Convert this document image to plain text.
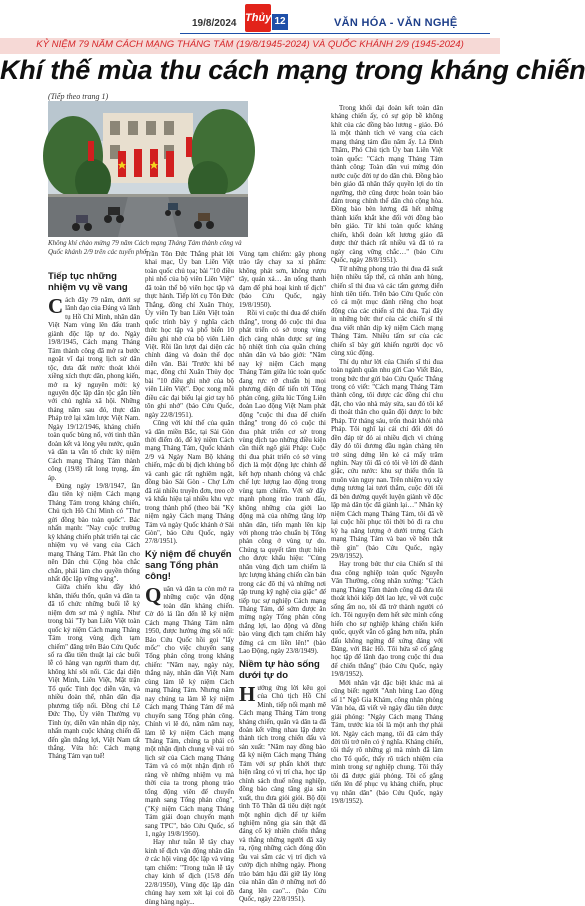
19/8/2024 Thủy 12	VĂN HÓA - VĂN NGHỆ
KỶ NIỆM 79 NĂM CÁCH MẠNG THÁNG TÁM (19/8/1945-2024) VÀ QUỐC KHÁNH 2/9 (1945-2024)
Khí thế mùa thu cách mạng trong kháng chiến
(Tiếp theo trang 1)
Không khí chào mừng 79 năm Cách mạng Tháng Tám thành công và Quốc khánh 2/9 trên các tuyến phố
Tiếp tục những nhiệm vụ về vang

Cách đây 79 năm, dưới sự lãnh đạo của Đảng và lãnh tụ Hồ Chí Minh, nhân dân Việt Nam vùng lên đấu tranh giành độc lập tự do. Ngày 19/8/1945, Cách mạng Tháng Tám thành công đã mở ra bước ngoặt vĩ đại trong lịch sử dân tộc, đưa đất nước thoát khỏi xiềng xích thực dân, phong kiến, mở ra kỷ nguyên mới: kỷ nguyên độc lập dân tộc gắn liền với chủ nghĩa xã hội. Những tháng năm sau đó, thực dân Pháp trở lại xâm lược Việt Nam. Ngày 19/12/1946, kháng chiến toàn quốc bùng nổ, với tinh thần đoàn kết và lòng yêu nước, quân và dân ta vẫn tổ chức kỷ niệm Cách mạng Tháng Tám thành công (19/8) rất long trọng, ấm áp.

Đúng ngày 19/8/1947, lần đầu tiên kỷ niệm Cách mạng Tháng Tám trong kháng chiến, Chủ tịch Hồ Chí Minh có "Thư gửi đồng bào toàn quốc". Bác nhấn mạnh: "Nay cuộc trường kỳ kháng chiến phát triển tại các nhiệm vụ vẻ vang của Cách mạng Tháng Tám. Phát lần cho nên Dân chủ Cộng hòa chắc chắn, phải làm cho quyền thống nhất độc lập vững vàng".

Giữa chiến khu đầy khó khăn, thiếu thốn, quân và dân ta đã tổ chức những buổi lễ kỷ niệm đơn sơ mà ý nghĩa. Như trong bài "Ty ban Liên Việt toàn quốc kỷ niệm Cách mạng Tháng Tám trong vùng địch tạm chiếm" đăng trên Báo Cứu Quốc số ra đầu tiên thuật lại các buổi lễ có hàng vạn người tham dự, không khí sôi nổi. Các đại diện Việt Minh, Liên Việt, Mặt trận Tổ quốc Tỉnh đọc diễn văn, và nhiều đoàn thể, nhân dân địa phương tiếp nối. Đồng chí Lê Đức Thọ, Ủy viên Thường vụ Tỉnh ủy, diễn văn nhân dịp này, nhấn mạnh cuộc kháng chiến đã đến gần thắng lợi, Việt Nam tất thắng. Vừa hô: Cách mạng Tháng Tám vạn tuế!

Trần Tôn Đức Thắng phát lời khai mạc, Ủy ban Liên Việt toàn quốc chủ tọa; bài "10 điều phi nhổ của bộ viên Liên Việt" đã toàn thể bộ viên học tập và thực hành. Tiếp lời cụ Tôn Đức Thắng, đồng chí Xuân Thủy, Ủy viên Ty ban Liên Việt toàn quốc trình bày ý nghĩa cách thức học tập và phổ biến 10 điều ghi nhớ của bộ viên Liên Việt. Rồi lần lượt đại diện các chính đảng và đoàn thể đọc diễn văn. Bài 'Trước khi bế mạc, đồng chí Xuân Thủy đọc bài "10 điều ghi nhớ của bộ viên Liên Việt". Đọc xong mỗi điều các đại biểu lại giơ tay hô tôn ghi nhớ" (báo Cứu Quốc, ngày 22/8/1951).

Cũng với khí thế của quân và dân miền Bắc, tại Sài Gòn thời điểm đó, để kỷ niệm Cách mạng Tháng Tám, Quốc khánh 2/9 và Ngày Nam Bộ kháng chiến, mặc dù bị địch khủng bố và canh gác rất nghiêm ngặt, đồng bào Sài Gòn - Chợ Lớn đã rải nhiều truyền đơn, treo cờ và khẩu hiệu tại nhiều khu vực trong thành phố (theo bài "Kỷ niệm ngày Cách mạng Tháng Tám và ngày Quốc khánh ở Sài Gòn", báo Cứu Quốc, ngày 27/8/1951).

Kỷ niệm để chuyển sang Tổng phản công!

Quân và dân ta còn mở ra những cuộc vận động toàn dân kháng chiến. Cờ đỏ lá lần đến lễ kỷ niệm Cách mạng Tháng Tám năm 1950, được hưởng ứng sôi nổi: Báo Cứu Quốc hồi gọi "lấy mốc" cho việc chuyển sang Tổng phản công trong kháng chiến: "Năm nay, ngày này, thắng này, nhân dân Việt Nam cùng làm lễ kỷ niệm Cách mạng Tháng Tám. Nhưng năm nay chúng ta làm lễ kỷ niệm Cách mạng Tháng Tám để mà chuyển sang Tổng phản công. Chính vì lẽ đó, năm năm nay, làm lễ kỷ niệm Cách mạng Tháng Tám, chúng ta phải có một nhận định chung về vai trò lịch sử của Cách mạng Tháng Tám và có một nhận định rõ ràng về những nhiệm vụ mà thời của ta trong phong trào tổng động viên để chuyển mạnh sang Tổng phản công", ("Kỷ niệm Cách mạng Tháng Tám giải đoạn chuyển mạnh sang TPC", báo Cứu Quốc, số 1, ngày 19/8/1950).

Hay như tuần lễ tây chay kinh tế địch vận động nhân dân ở các hội vùng độc lập và vùng tạm chiếm: "Trong tuần lễ tây chay kinh tế địch (15/8 đến 22/8/1950), Vùng độc lập dân chúng hay xem xét lại coi đồ dùng hàng ngày...

Vùng tạm chiếm: gây phong trào tây chay xa xỉ phẩm: không phát sơn, không rượu tây, quán xá… ăn uống thanh đạm để phá hoại kinh tế địch" (báo Cứu Quốc, ngày 19/8/1950).

Rồi vì cuộc thi đua để chiến thắng", trong đó cuộc thi đua phát triển có sở trong vùng địch càng nhân dược sự ủng hộ nhiệt tình của quần chúng nhân dân và báo giới: "Năm nay kỷ niệm Cách mạng Tháng Tám giữa lúc toàn quốc đang rực rỡ chuẩn bị mọi phương diện để tiến tới Tổng phản công, giữa lúc Tổng Liên đoàn Lao động Việt Nam phát động "cuộc thi đua để chiến thắng" trong đó có cuộc thi đua phát triển cơ sở trong vùng địch tạo những điều kiện cần thiết ngõ giải Pháp: Cuộc thi đua phát triển có sở vùng địch là một động lực chính để kết hợp nhanh chóng và chắc chế lực lượng lao động trong vùng tạm chiếm. Với sở đẩy mạnh phong trào tranh đấu, không những của giới lao động mà của những tầng lớp nhân dân, tiến mạnh lên kịp với phong trào chuẩn bị Tổng phản công ở vùng tự do. Chúng ta quyết tâm thực hiện cho được khẩu hiệu: "Củng nhân vùng địch tam chiếm là lực lượng kháng chiến cần bản trong các đô thị và những nơi tập trung kỹ nghệ của giặc" để tiếp tục sự nghiệp Cách mạng Tháng Tám, để sớm được ăn mừng ngày Tổng phản công thắng lợi, lao động và đồng bào vùng địch tạm chiếm hãy đứng cả cm liền lên!" (bào Lao Động, ngày 23/8/1949).

Niềm tự hào sống dưới tự do

Hướng ứng lời kêu gọi của Chủ tịch Hồ Chí Minh, tiếp nối mạnh mẽ Cách mạng Tháng Tám trong kháng chiến, quân và dân ta đã đoàn kết vững nhau lập được thành tích trong chiến đấu và sản xuất: "Năm nay đồng bào đã kỷ niệm Cách mạng Tháng Tám với sự phấn khởi thực hiện rằng có vị trí cha, học tập chính sách thuế nông nghiệp, đồng bào càng tăng gia sản xuất, thu đưa giỏi giỏi. Bộ đội tình Tô Thần đã tiêu diệt ngót một nghìn dịch để tự kiểm nghiệm nông gia sản thật đã đáng cổ kỳ nhiên chiến thắng và thắng những người đã xảy ra, rộng những cách đóng đồn tầu vai sắm các vị trí địch và cướp địch những ngày. Phong trào bám hậu đãi giữ lãy lòng của nhân dân ở những nơi đó đang lên cao"... (báo Cứu Quốc, ngày 22/8/1951).

Trong khối đại đoàn kết toàn dân kháng chiến ấy, có sự góp bề không khít của các đồng bào lương - giáo. Đó là một thành tích vẻ vang của cách mạng tháng tám đầu năm ấy. Là Đình Thâm, Phó Chủ tịch Ủy ban Liên Việt toàn quốc: "Cách mạng Tháng Tám thành công: Toàn dân vui mừng đón nước cuộc đời tự do dân chủ. Đồng bào bèn giáo đã nhân thấy quyền lợi do tín ngưỡng, thờ cũng được hoàn toàn bảo đảm trong chính thể dân chủ cộng hòa. Đồng bào bèn lương đã hết những thành kiến khắt khe đối với đồng bào bên giáo. Từ khi toàn quốc kháng chiến, khối đoàn kết lương giáo đã được thử thách rất nhiều và đã tỏ ra ngày càng vững chắc…" (báo Cứu Quốc, ngày 28/8/1951).

Từ những phong trào thi đua đã suất hiện nhiều tấp thể, cá nhân anh hùng, chiến sĩ thi đua và các tấm gương điển hình tiên tiến. Trên báo Cứu Quốc còn có cả một mục dành riêng cho hoạt động của các chiến sĩ thi đua. Tại đây in những bức thư của các chiến sĩ thi đua viết nhân dịp kỷ niệm Cách mạng Tháng Tám. Nhiều tấm sư của các chiến sĩ bày gửi khiến người đọc vô cùng xúc động.

Thí dụ như lời của Chiến sĩ thi đua toàn ngành quân nhu gửi Cao Viết Bảo, trong bức thư gửi báo Cứu Quốc Thắng trong có viết: "Cách mạng Tháng Tám thành công, tôi được các đồng chí chu đặt, cho vào nhà máy sửa, sau đó tôi kể đi thoát thân cho quân đội được lo bức Pháp. Từ tháng sáu, trốn thoát khỏi nhà Pháp. Tôi nghĩ lại cái chí đổi đời đó đền đáp từ đó ai nhiều địch vì chúng đây đó tôi đương đầu ngàn chàng tên trở súng dứng lên kẻ cả mấy trăm nghìn. Nay tôi đã có tôi về lời đề đánh giặc, cứu nước: khu sự thiếu thốn là muôn vàn nguy nan. Trên nhiệm vụ xây dựng tương lai tươi thắm, cuộc đời tôi đã bèn đường quyết luyện giành về độc lập mà dân tộc đã giành lại…" Nhân kỷ niệm Cách mạng Tháng Tám, tôi đã về lại cuộc hồi phục tôi thời bỏ đi ra chu kỳ hạ năng lượng ở dưới trưng Cách mạng Tháng Tám và bao về bên thắt thề gìn" (báo Cứu Quốc, ngày 29/8/1952).

Hay trong bức thư của Chiến sĩ thi đua công nghiệp toàn quốc Nguyễn Văn Thường, công nhân xưởng: "Cách mạng Tháng Tám thành công đã đưa tôi thoát khỏi kiếp đời lao lực, về với cuộc sống ấm no, tôi đã trở thành người có ích. Tôi nguyện đem hết sức mình cống hiến cho sự nghiệp kháng chiến kiến quốc, quyết vẫn cố gắng hơn nữa, phấn đấu không ngừng để xứng đáng với Đảng, với Bác Hồ. Tôi hứa sẽ cố gắng học tập để lãnh đạo trong cuộc thi đua để chiến thắng" (báo Cứu Quốc, ngày 19/8/1952).

Mới nhân vật đặc biệt khác mà ai cũng biết: người "Anh hùng Lao động số 1" Ngô Gia Khảm, công nhân phòng Văn hóa, đã viết về ngày đầu tiên được giải phóng: "Ngày Cách mạng Tháng Tám, trước kia tôi là một anh thợ phải lời. Ngày cách mạng, tôi đã cảm thấy đời tôi trở nên có ý nghĩa. Kháng chiến, tôi thấy rõ những gì mà mình đã làm cho Tổ quốc, thấy rõ trách nhiệm của mình trong sự nghiệp chung. Tôi thấy tôi đã được giải phóng. Tôi cố gắng tiến lên để phục vụ kháng chiến, phục vụ nhân dân" (báo Cứu Quốc, ngày 19/8/1952).
